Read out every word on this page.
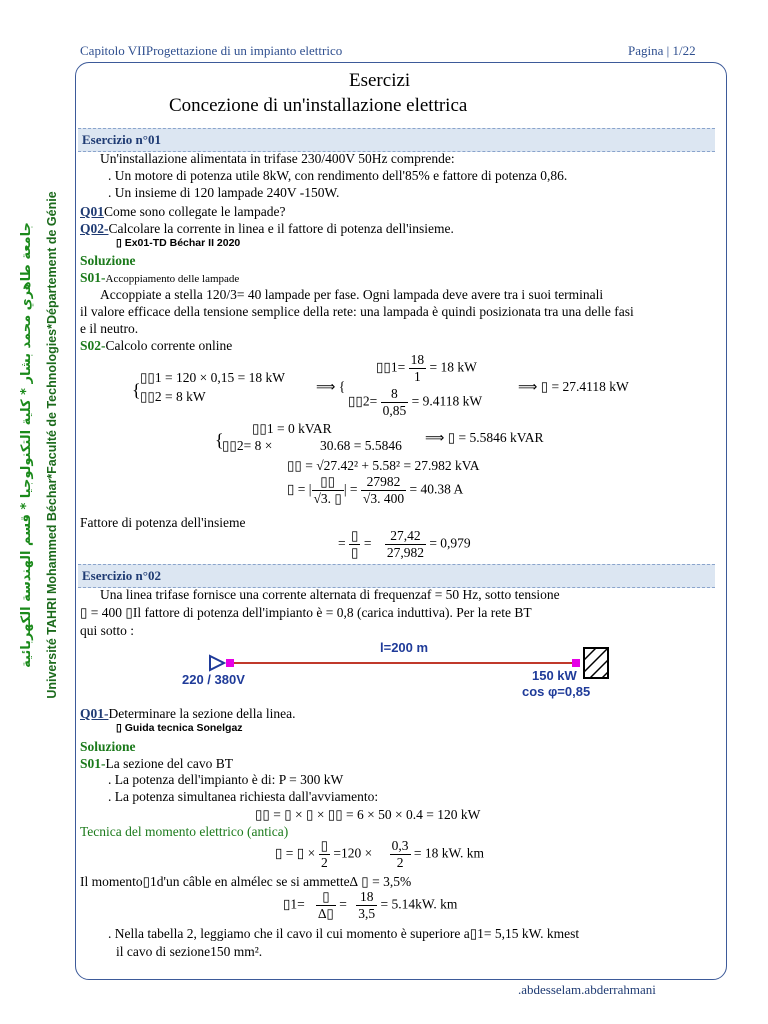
Capitolo VIIProgettazione di un impianto elettrico	Pagina | 1/22
جامعة طاهري محمد بشار * كلية التكنولوجيا * قسم الهندسة الكهربائية Université TAHRI Mohammed Béchar*Faculté de Technologies*Département de Génie
Esercizi
Concezione di un'installazione elettrica
Esercizio n°01
Un'installazione alimentata in trifase 230/400V 50Hz comprende:
. Un motore di potenza utile 8kW, con rendimento dell'85% e fattore di potenza 0,86.
. Un insieme di 120 lampade 240V -150W.
Q01Come sono collegate le lampade?
Q02-Calcolare la corrente in linea e il fattore di potenza dell'insieme.
▯ Ex01-TD Béchar II 2020
Soluzione
S01-Accoppiamento delle lampade
Accoppiate a stella 120/3= 40 lampade per fase. Ogni lampada deve avere tra i suoi terminali
il valore efficace della tensione semplice della rete: una lampada è quindi posizionata tra una delle fasi
e il neutro.
S02-Calcolo corrente online
{
▯▯1 = 120 × 0,15 = 18 kW
▯▯2 = 8 kW
⟹ {
▯▯1= $\frac{18}{1} = 18$ kW
▯▯2= $\frac{8}{0,85} = 9.4118$ kW
⟹ ▯ = 27.4118 kW
{
▯▯1 = 0 kVAR
▯▯2= 8 ×	30.68 = 5.5846
⟹ ▯ = 5.5846 kVAR
▯▯ = √27.42² + 5.58² = 27.982 kVA
▯ = | $\frac{▯▯}{√3. ▯}$ | = $\frac{27982}{√3. 400} = 40.38$ A
Fattore di potenza dell'insieme
= $\frac{▯}{▯} = \frac{27,42}{27,982} = 0,979$
Esercizio n°02
Una linea trifase fornisce una corrente alternata di frequenzaf = 50 Hz, sotto tensione
▯ = 400 ▯Il fattore di potenza dell'impianto è = 0,8 (carica induttiva). Per la rete BT
qui sotto :
l=200 m
220 / 380V	150 kW
cos φ=0,85
Q01-Determinare la sezione della linea.
▯ Guida tecnica Sonelgaz
Soluzione
S01-La sezione del cavo BT
. La potenza dell'impianto è di: P = 300 kW
. La potenza simultanea richiesta dall'avviamento:
▯▯ = ▯ × ▯ × ▯▯ = 6 × 50 × 0.4 = 120 kW
Tecnica del momento elettrico (antica)
▯ = ▯ × $\frac{▯}{2} =120 \times \frac{0,3}{2} = 18$ kW. km
Il momento▯1d'un câble en almélec se si ammette∆ ▯ = 3,5%
▯1= $\frac{▯}{\Delta▯} = \frac{18}{3,5} = 5.14kW$. km
. Nella tabella 2, leggiamo che il cavo il cui momento è superiore a▯1= 5,15 kW. kmest
il cavo di sezione150 mm².
.abdesselam.abderrahmani
